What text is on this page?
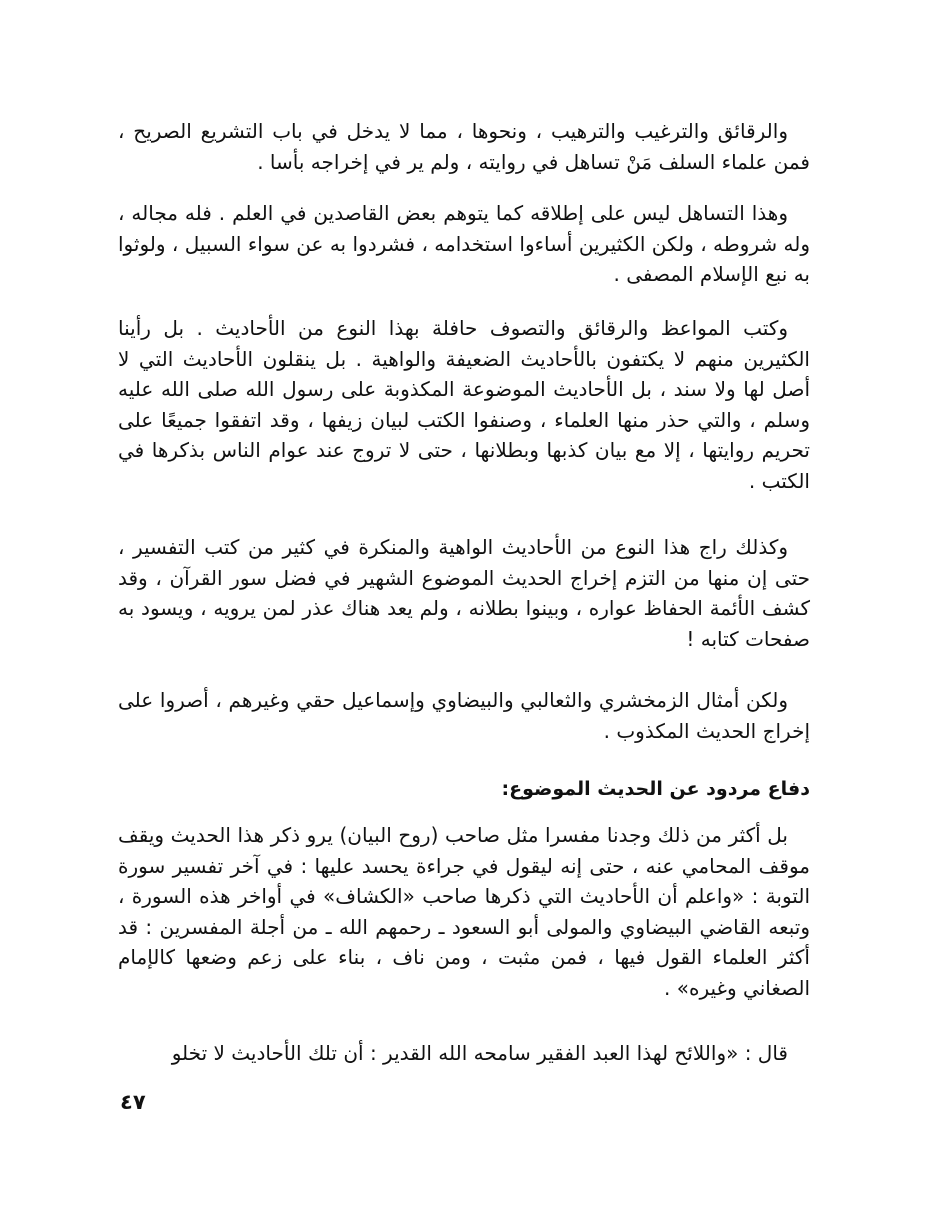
والرقائق والترغيب والترهيب ، ونحوها ، مما لا يدخل في باب التشريع الصريح ، فمن علماء السلف مَنْ تساهل في روايته ، ولم ير في إخراجه بأسا .

وهذا التساهل ليس على إطلاقه كما يتوهم بعض القاصدين في العلم . فله مجاله ، وله شروطه ، ولكن الكثيرين أساءوا استخدامه ، فشردوا به عن سواء السبيل ، ولوثوا به نبع الإسلام المصفى .

وكتب المواعظ والرقائق والتصوف حافلة بهذا النوع من الأحاديث . بل رأينا الكثيرين منهم لا يكتفون بالأحاديث الضعيفة والواهية . بل ينقلون الأحاديث التي لا أصل لها ولا سند ، بل الأحاديث الموضوعة المكذوبة على رسول الله صلى الله عليه وسلم ، والتي حذر منها العلماء ، وصنفوا الكتب لبيان زيفها ، وقد اتفقوا جميعًا على تحريم روايتها ، إلا مع بيان كذبها وبطلانها ، حتى لا تروج عند عوام الناس بذكرها في الكتب .

وكذلك راج هذا النوع من الأحاديث الواهية والمنكرة في كثير من كتب التفسير ، حتى إن منها من التزم إخراج الحديث الموضوع الشهير في فضل سور القرآن ، وقد كشف الأئمة الحفاظ عواره ، وبينوا بطلانه ، ولم يعد هناك عذر لمن يرويه ، ويسود به صفحات كتابه !

ولكن أمثال الزمخشري والثعالبي والبيضاوي وإسماعيل حقي وغيرهم ، أصروا على إخراج الحديث المكذوب .

دفاع مردود عن الحديث الموضوع:

بل أكثر من ذلك وجدنا مفسرا مثل صاحب (روح البيان) يرو ذكر هذا الحديث ويقف موقف المحامي عنه ، حتى إنه ليقول في جراءة يحسد عليها : في آخر تفسير سورة التوبة : «واعلم أن الأحاديث التي ذكرها صاحب «الكشاف» في أواخر هذه السورة ، وتبعه القاضي البيضاوي والمولى أبو السعود ـ رحمهم الله ـ من أجلة المفسرين : قد أكثر العلماء القول فيها ، فمن مثبت ، ومن ناف ، بناء على زعم وضعها كالإمام الصغاني وغيره» .

قال : «واللائح لهذا العبد الفقير سامحه الله القدير : أن تلك الأحاديث لا تخلو

٤٧
